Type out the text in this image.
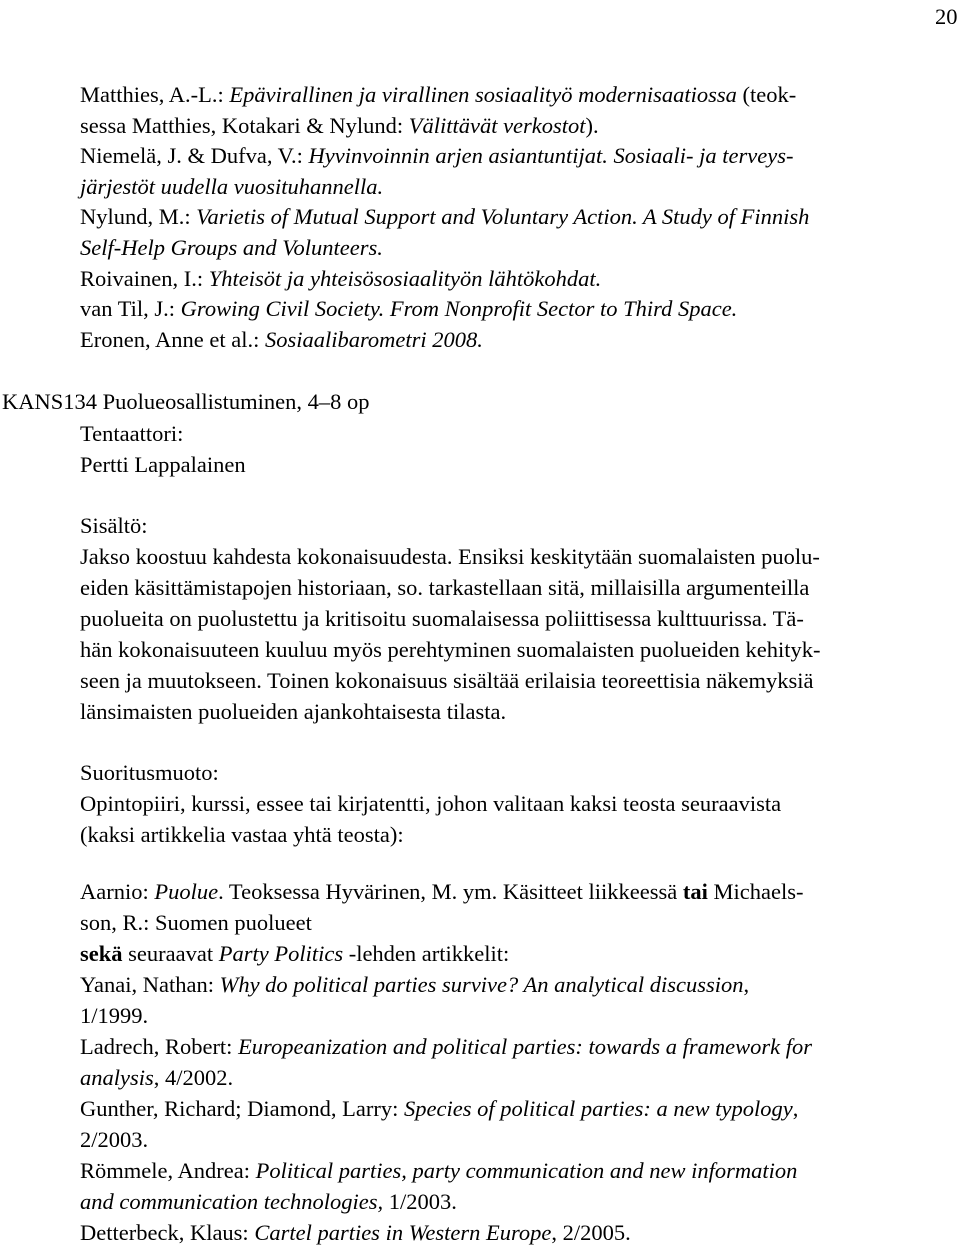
20
Matthies, A.-L.: Epävirallinen ja virallinen sosiaalityö modernisaatiossa (teok-
sessa Matthies, Kotakari & Nylund: Välittävät verkostot).
Niemelä, J. & Dufva, V.: Hyvinvoinnin arjen asiantuntijat. Sosiaali- ja terveys-
järjestöt uudella vuosituhannella.
Nylund, M.: Varietis of Mutual Support and Voluntary Action. A Study of Finnish
Self-Help Groups and Volunteers.
Roivainen, I.: Yhteisöt ja yhteisösosiaalityön lähtökohdat.
van Til, J.: Growing Civil Society. From Nonprofit Sector to Third Space.
Eronen, Anne et al.: Sosiaalibarometri 2008.
KANS134 Puolueosallistuminen, 4–8 op
Tentaattori:
Pertti Lappalainen
Sisältö:
Jakso koostuu kahdesta kokonaisuudesta. Ensiksi keskitytään suomalaisten puolu-
eiden käsittämistapojen historiaan, so. tarkastellaan sitä, millaisilla argumenteilla
puolueita on puolustettu ja kritisoitu suomalaisessa poliittisessa kulttuurissa. Tä-
hän kokonaisuuteen kuuluu myös perehtyminen suomalaisten puolueiden kehityk-
seen ja muutokseen. Toinen kokonaisuus sisältää erilaisia teoreettisia näkemyksiä
länsimaisten puolueiden ajankohtaisesta tilasta.
Suoritusmuoto:
Opintopiiri, kurssi, essee tai kirjatentti, johon valitaan kaksi teosta seuraavista
(kaksi artikkelia vastaa yhtä teosta):
Aarnio: Puolue. Teoksessa Hyvärinen, M. ym. Käsitteet liikkeessä tai Michaels-
son, R.: Suomen puolueet
sekä seuraavat Party Politics -lehden artikkelit:
Yanai, Nathan: Why do political parties survive? An analytical discussion,
1/1999.
Ladrech, Robert: Europeanization and political parties: towards a framework for
analysis, 4/2002.
Gunther, Richard; Diamond, Larry: Species of political parties: a new typology,
2/2003.
Römmele, Andrea: Political parties, party communication and new information
and communication technologies, 1/2003.
Detterbeck, Klaus: Cartel parties in Western Europe, 2/2005.
